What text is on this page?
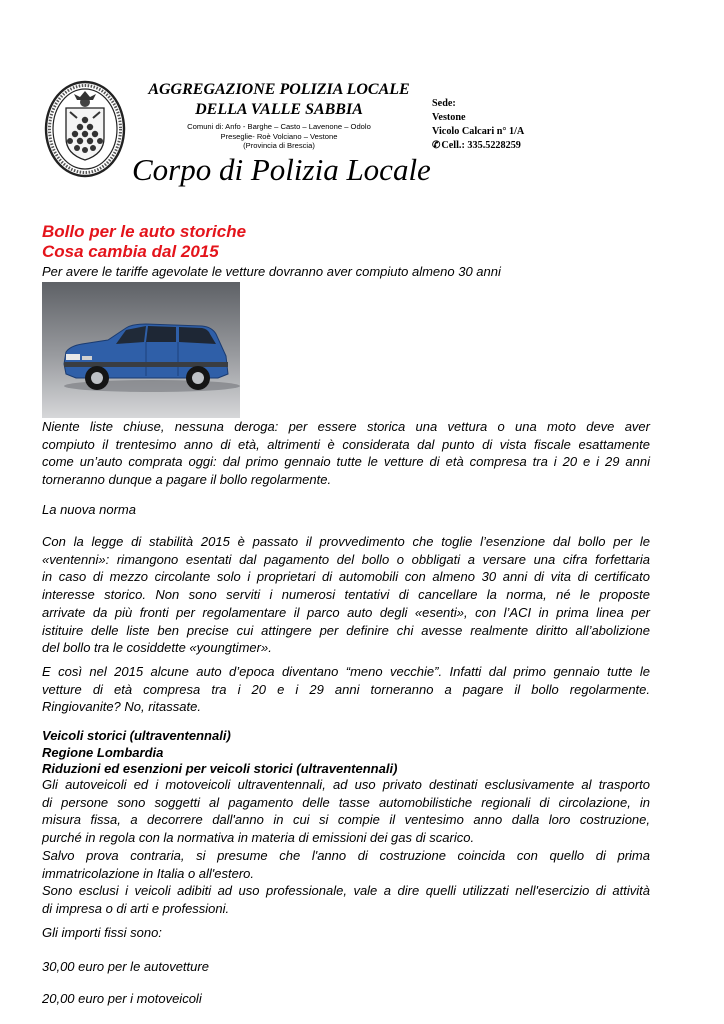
AGGREGAZIONE POLIZIA LOCALE
DELLA VALLE SABBIA
Comuni di: Anfo - Barghe – Casto – Lavenone – Odolo
Preseglie- Roè Volciano – Vestone
(Provincia di Brescia)
Sede:
Vestone
Vicolo Calcari n° 1/A
✆Cell.: 335.5228259
Corpo di Polizia Locale
Bollo per le auto storiche
Cosa cambia dal 2015
Per avere le tariffe agevolate le vetture dovranno aver compiuto almeno 30 anni
Niente liste chiuse, nessuna deroga: per essere storica una vettura o una moto deve aver
compiuto il trentesimo anno di età, altrimenti è considerata dal punto di vista fiscale esattamente
come un’auto comprata oggi: dal primo gennaio tutte le vetture di età compresa tra i 20 e i 29 anni
torneranno dunque a pagare il bollo regolarmente.
La nuova norma
Con la legge di stabilità 2015 è passato il provvedimento che toglie l’esenzione dal bollo per le
«ventenni»: rimangono esentati dal pagamento del bollo o obbligati a versare una cifra forfettaria
in caso di mezzo circolante solo i proprietari di automobili con almeno 30 anni di vita di certificato
interesse storico. Non sono serviti i numerosi tentativi di cancellare la norma, né le proposte
arrivate da più fronti per regolamentare il parco auto degli «esenti», con l’ACI in prima linea per
istituire delle liste ben precise cui attingere per definire chi avesse realmente diritto all’abolizione
del bollo tra le cosiddette «youngtimer».
E così nel 2015 alcune auto d’epoca diventano “meno vecchie”. Infatti dal primo gennaio tutte le
vetture di età compresa tra i 20 e i 29 anni torneranno a pagare il bollo regolarmente.
Ringiovanite? No, ritassate.
Veicoli storici (ultraventennali)
Regione Lombardia
Riduzioni ed esenzioni per veicoli storici (ultraventennali)
Gli autoveicoli ed i motoveicoli ultraventennali, ad uso privato destinati esclusivamente al trasporto
di persone sono soggetti al pagamento delle tasse automobilistiche regionali di circolazione, in
misura fissa, a decorrere dall'anno in cui si compie il ventesimo anno dalla loro costruzione,
purché in regola con la normativa in materia di emissioni dei gas di scarico.
Salvo prova contraria, si presume che l'anno di costruzione coincida con quello di prima
immatricolazione in Italia o all'estero.
Sono esclusi i veicoli adibiti ad uso professionale, vale a dire quelli utilizzati nell'esercizio di attività
di impresa o di arti e professioni.
Gli importi fissi sono:
30,00 euro per le autovetture
20,00 euro per i motoveicoli
